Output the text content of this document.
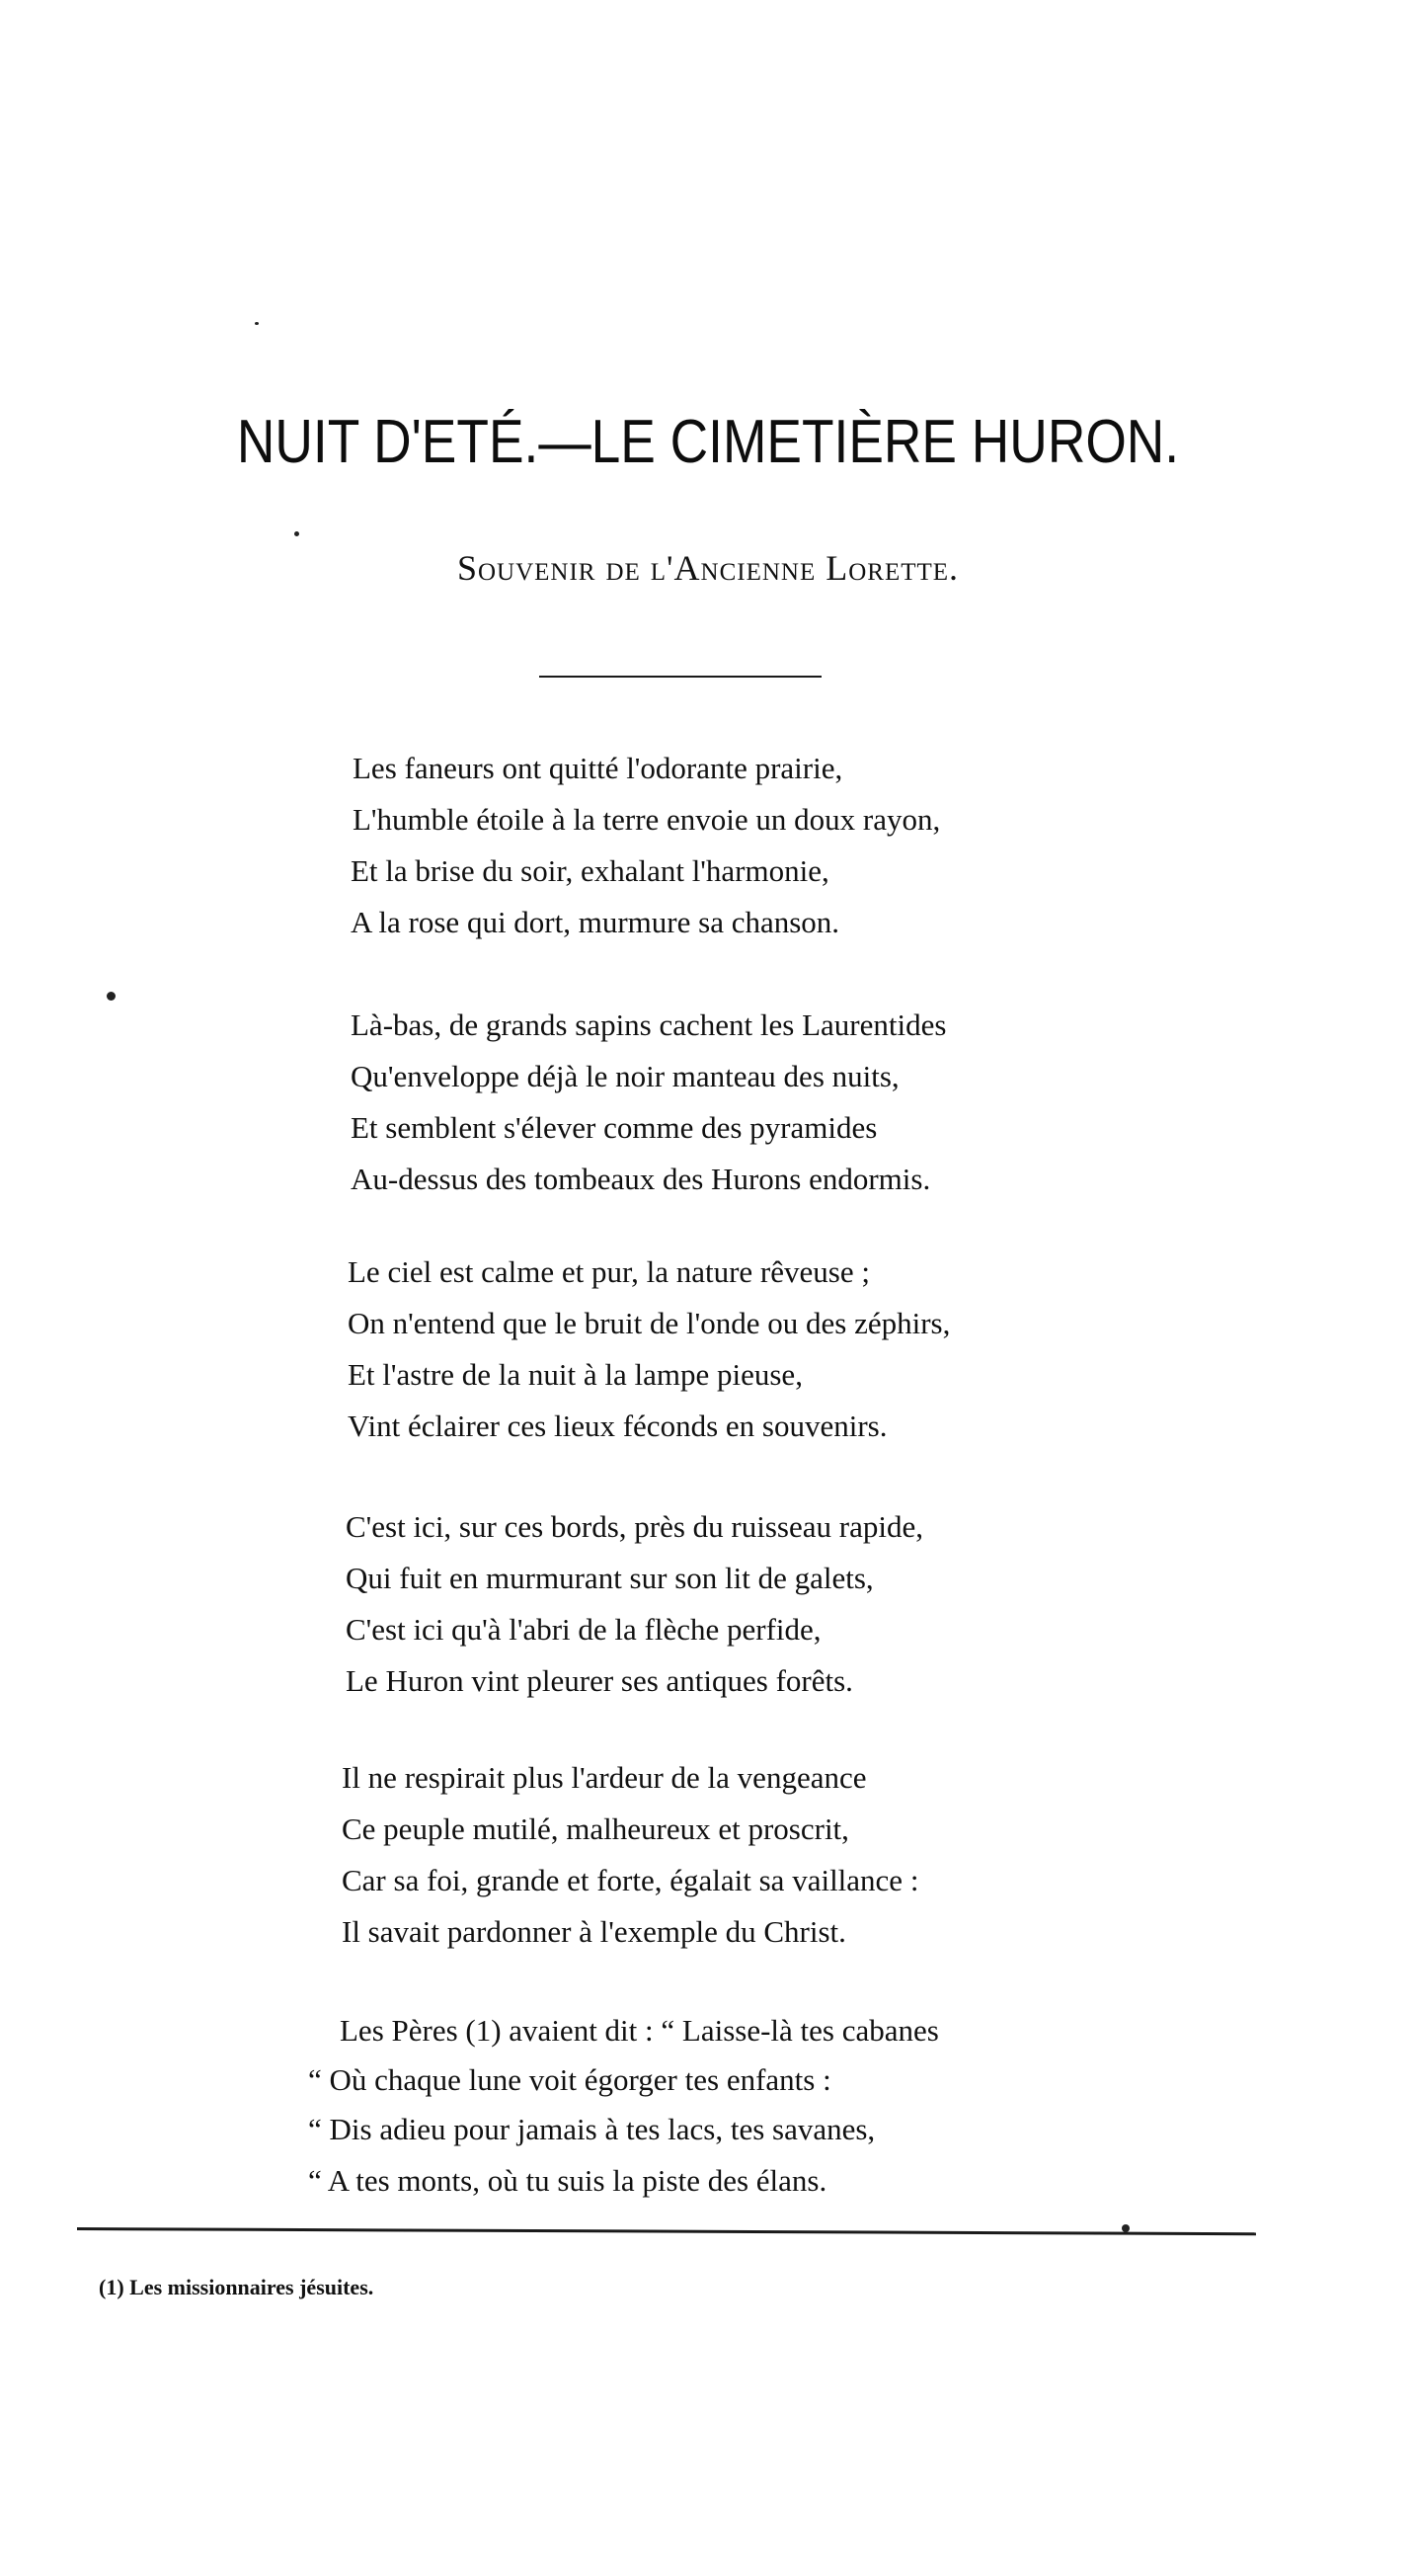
NUIT D'ETÉ.—LE CIMETIÈRE HURON.

Souvenir de l'Ancienne Lorette.

Les faneurs ont quitté l'odorante prairie,
L'humble étoile à la terre envoie un doux rayon,
Et la brise du soir, exhalant l'harmonie,
A la rose qui dort, murmure sa chanson.
Là-bas, de grands sapins cachent les Laurentides
Qu'enveloppe déjà le noir manteau des nuits,
Et semblent s'élever comme des pyramides
Au-dessus des tombeaux des Hurons endormis.
Le ciel est calme et pur, la nature rêveuse ;
On n'entend que le bruit de l'onde ou des zéphirs,
Et l'astre de la nuit à la lampe pieuse,
Vint éclairer ces lieux féconds en souvenirs.
C'est ici, sur ces bords, près du ruisseau rapide,
Qui fuit en murmurant sur son lit de galets,
C'est ici qu'à l'abri de la flèche perfide,
Le Huron vint pleurer ses antiques forêts.
Il ne respirait plus l'ardeur de la vengeance
Ce peuple mutilé, malheureux et proscrit,
Car sa foi, grande et forte, égalait sa vaillance :
Il savait pardonner à l'exemple du Christ.
Les Pères (1) avaient dit : “ Laisse-là tes cabanes
“ Où chaque lune voit égorger tes enfants :
“ Dis adieu pour jamais à tes lacs, tes savanes,
“ A tes monts, où tu suis la piste des élans.
(1) Les missionnaires jésuites.
